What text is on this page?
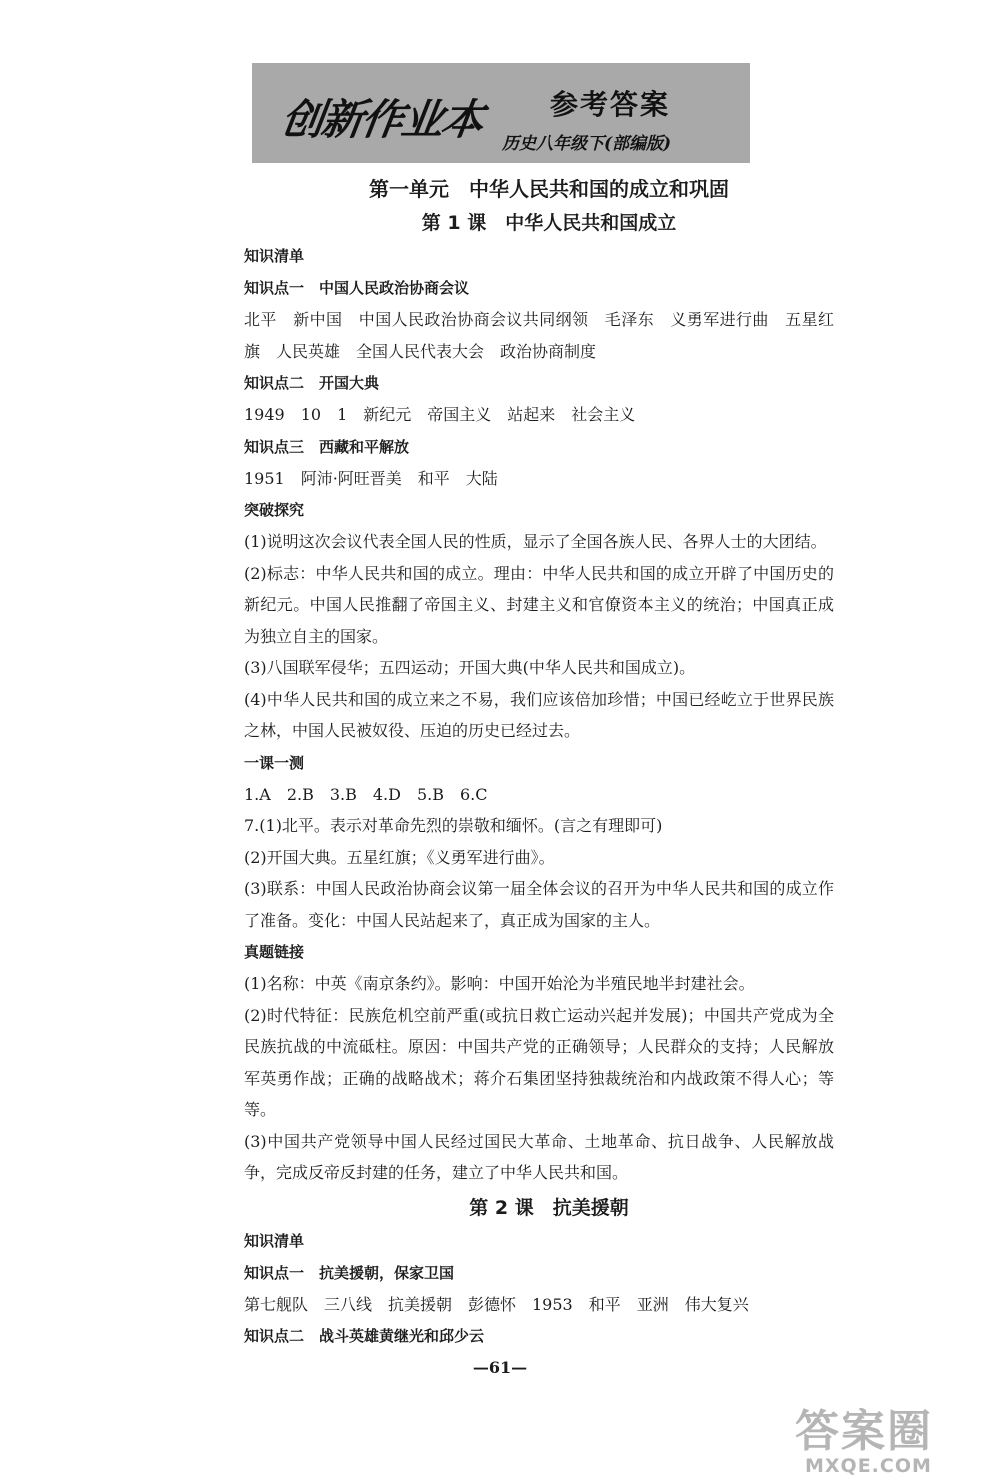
创新作业本 参考答案
历史八年级下(部编版)
第一单元　中华人民共和国的成立和巩固
第 1 课　中华人民共和国成立
知识清单
知识点一　中国人民政治协商会议
北平　新中国　中国人民政治协商会议共同纲领　毛泽东　义勇军进行曲　五星红旗　人民英雄　全国人民代表大会　政治协商制度
知识点二　开国大典
1949　10　1　新纪元　帝国主义　站起来　社会主义
知识点三　西藏和平解放
1951　阿沛·阿旺晋美　和平　大陆
突破探究
(1)说明这次会议代表全国人民的性质，显示了全国各族人民、各界人士的大团结。
(2)标志：中华人民共和国的成立。理由：中华人民共和国的成立开辟了中国历史的新纪元。中国人民推翻了帝国主义、封建主义和官僚资本主义的统治；中国真正成为独立自主的国家。
(3)八国联军侵华；五四运动；开国大典(中华人民共和国成立)。
(4)中华人民共和国的成立来之不易，我们应该倍加珍惜；中国已经屹立于世界民族之林，中国人民被奴役、压迫的历史已经过去。
一课一测
1.A　2.B　3.B　4.D　5.B　6.C
7.(1)北平。表示对革命先烈的崇敬和缅怀。(言之有理即可)
(2)开国大典。五星红旗；《义勇军进行曲》。
(3)联系：中国人民政治协商会议第一届全体会议的召开为中华人民共和国的成立作了准备。变化：中国人民站起来了，真正成为国家的主人。
真题链接
(1)名称：中英《南京条约》。影响：中国开始沦为半殖民地半封建社会。
(2)时代特征：民族危机空前严重(或抗日救亡运动兴起并发展)；中国共产党成为全民族抗战的中流砥柱。原因：中国共产党的正确领导；人民群众的支持；人民解放军英勇作战；正确的战略战术；蒋介石集团坚持独裁统治和内战政策不得人心；等等。
(3)中国共产党领导中国人民经过国民大革命、土地革命、抗日战争、人民解放战争，完成反帝反封建的任务，建立了中华人民共和国。
第 2 课　抗美援朝
知识清单
知识点一　抗美援朝，保家卫国
第七舰队　三八线　抗美援朝　彭德怀　1953　和平　亚洲　伟大复兴
知识点二　战斗英雄黄继光和邱少云
—61—
答案圈
MXQE.COM
